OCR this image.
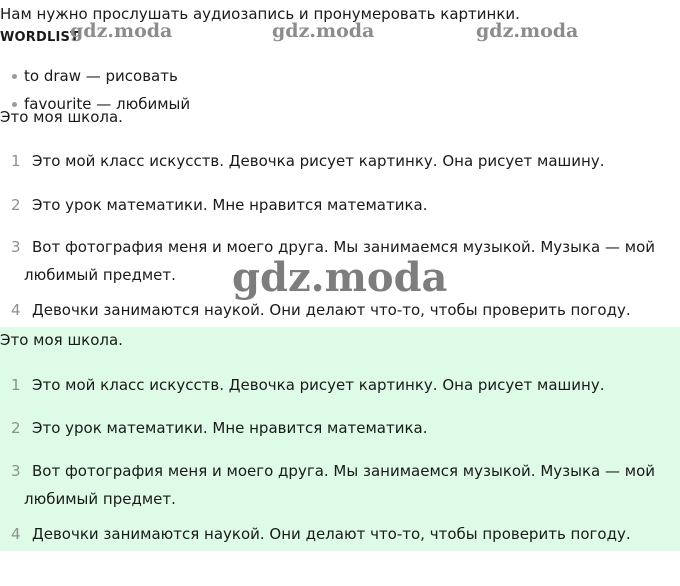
Нам нужно прослушать аудиозапись и пронумеровать картинки.
WORDLIST
gdz.moda	gdz.moda	gdz.moda
to draw — рисовать
favourite — любимый
Это моя школа.
1 Это мой класс искусств. Девочка рисует картинку. Она рисует машину.
2 Это урок математики. Мне нравится математика.
3 Вот фотография меня и моего друга. Мы занимаемся музыкой. Музыка — мой
любимый предмет.
4 Девочки занимаются наукой. Они делают что-то, чтобы проверить погоду.
Это моя школа.
1 Это мой класс искусств. Девочка рисует картинку. Она рисует машину.
2 Это урок математики. Мне нравится математика.
3 Вот фотография меня и моего друга. Мы занимаемся музыкой. Музыка — мой
любимый предмет.
4 Девочки занимаются наукой. Они делают что-то, чтобы проверить погоду.
gdz.moda
